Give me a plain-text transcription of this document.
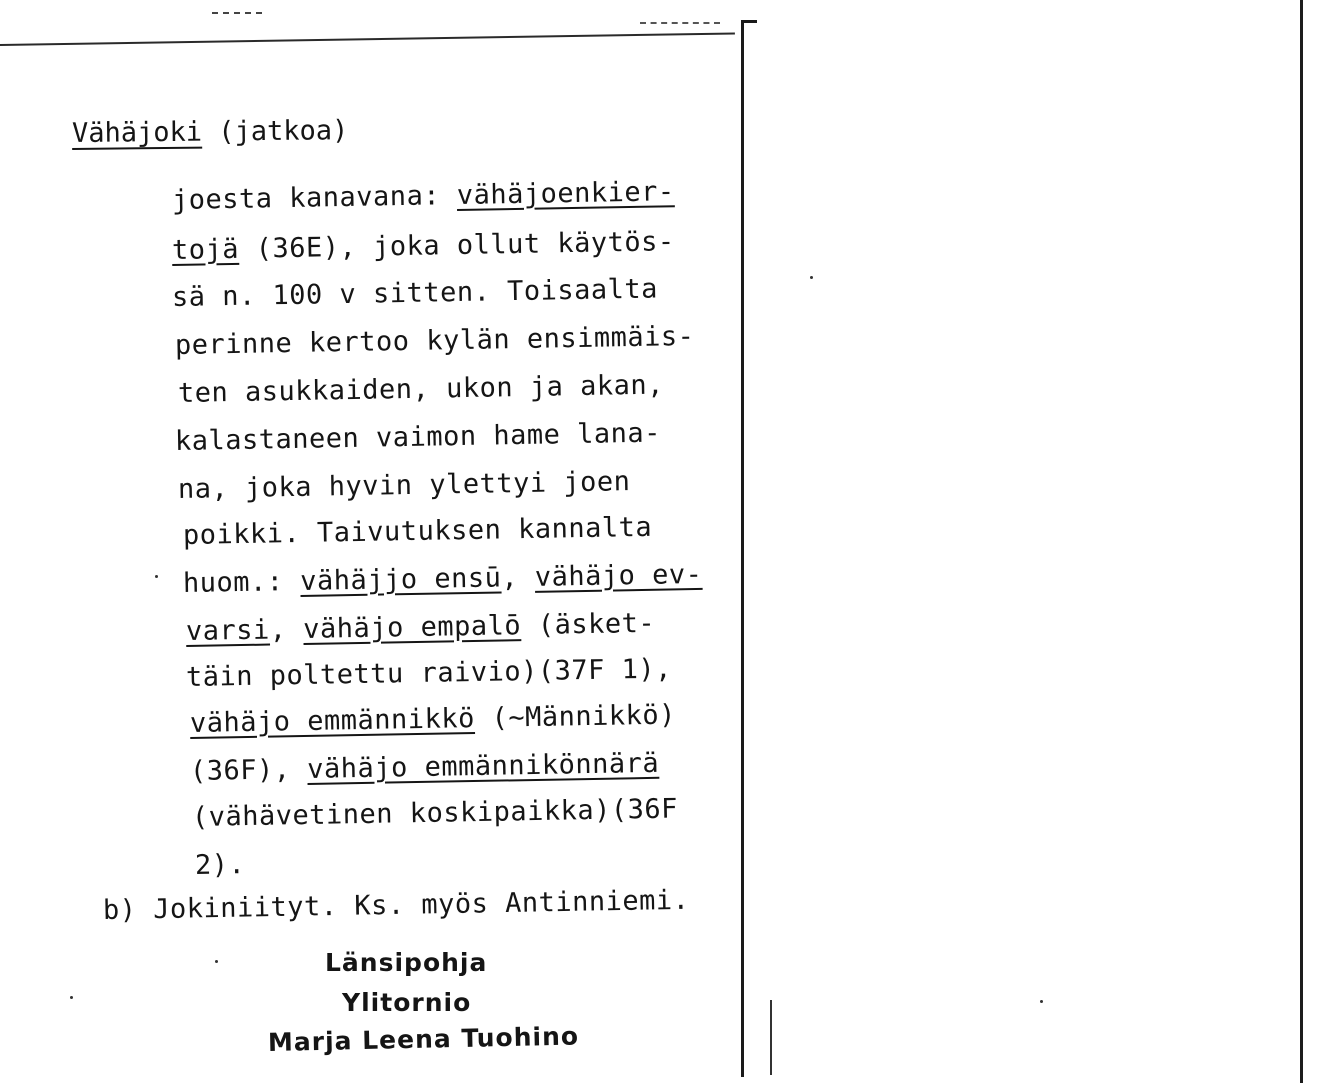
Vähäjoki (jatkoa)
joesta kanavana: vähäjoenkier-
tojä (36E), joka ollut käytös-
sä n. 100 v sitten. Toisaalta
perinne kertoo kylän ensimmäis-
ten asukkaiden, ukon ja akan,
kalastaneen vaimon hame lana-
na, joka hyvin ylettyi joen
poikki. Taivutuksen kannalta
huom.: vähäjjo ensū, vähäjo ev-
varsi, vähäjo empalō (äsket-
täin poltettu raivio)(37F 1),
vähäjo emmännikkö (~Männikkö)
(36F), vähäjo emmännikönnärä
(vähävetinen koskipaikka)(36F
2).
b) Jokiniityt. Ks. myös Antinniemi.
Länsipohja
Ylitornio
Marja Leena Tuohino
